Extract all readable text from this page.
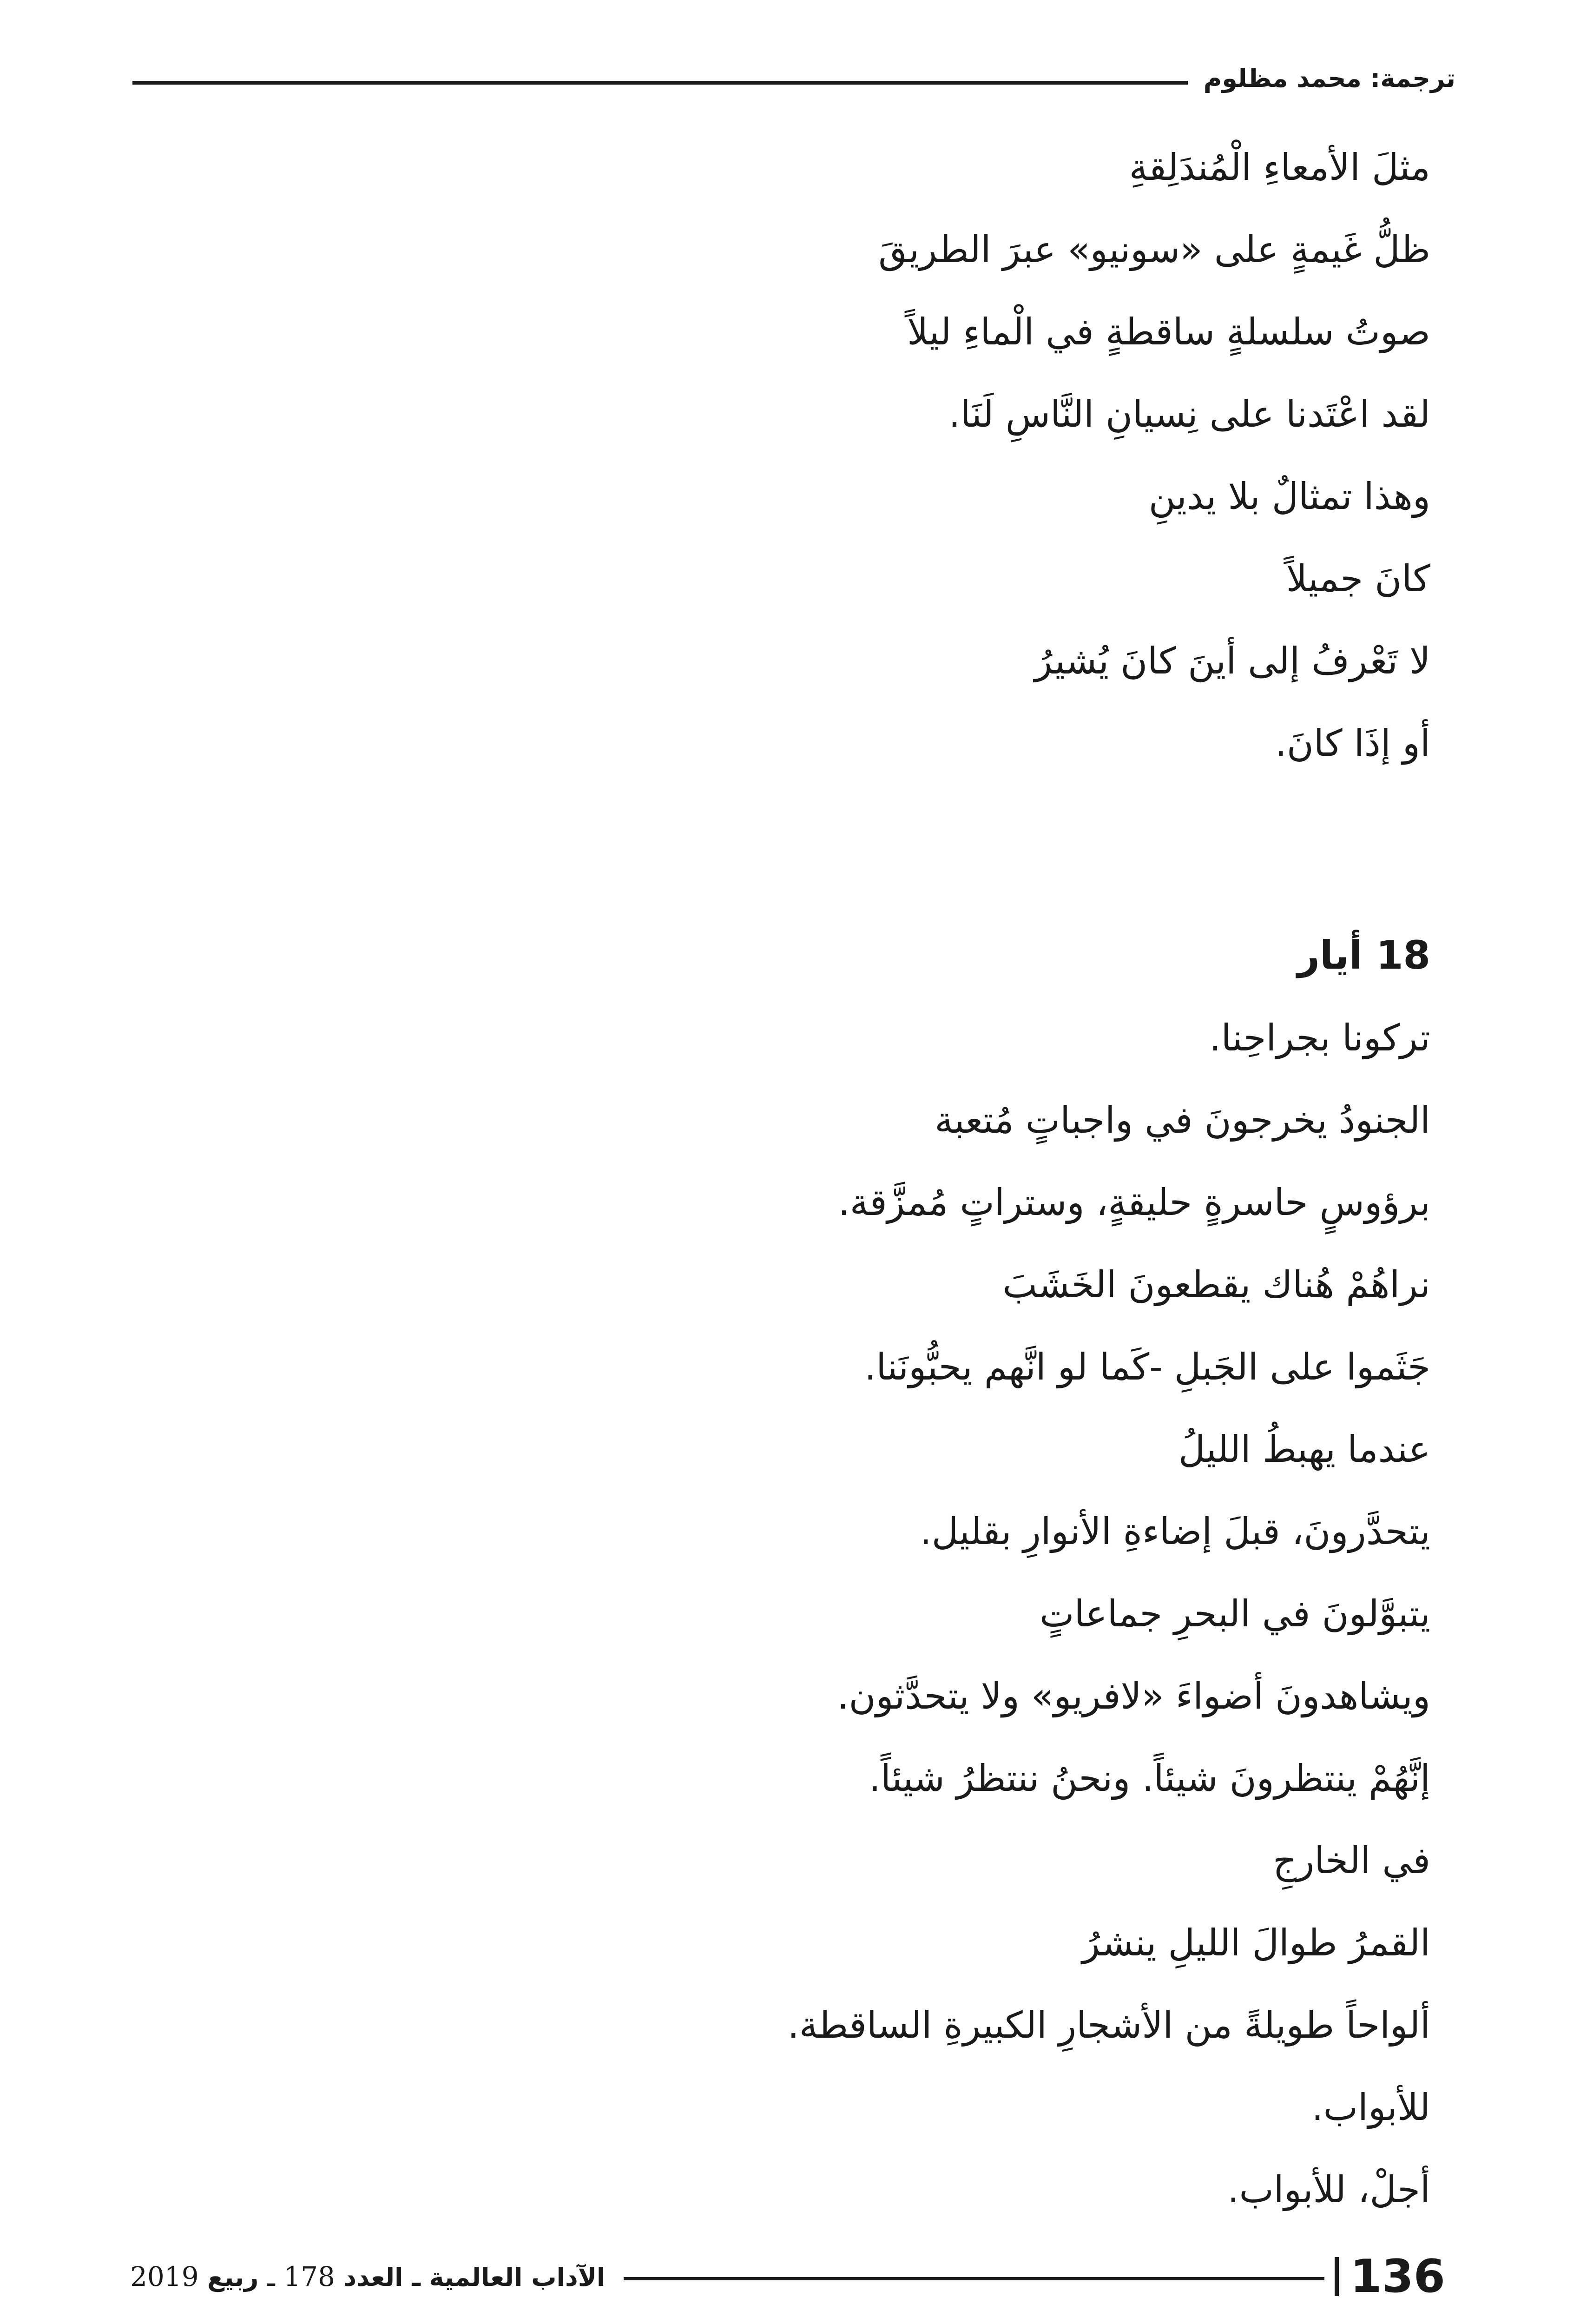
ترجمة: محمد مظلوم
مثلَ الأمعاءِ الْمُندَلِقةِ
ظلُّ غَيمةٍ على «سونيو» عبرَ الطريقَ
صوتُ سلسلةٍ ساقطةٍ في الْماءِ ليلاً
لقد اعْتَدنا على نِسيانِ النَّاسِ لَنَا.
وهذا تمثالٌ بلا يدينِ
كانَ جميلاً
لا تَعْرفُ إلى أينَ كانَ يُشيرُ
أو إذَا كانَ.
18 أيار
تركونا بجراحِنا.
الجنودُ يخرجونَ في واجباتٍ مُتعبة
برؤوسٍ حاسرةٍ حليقةٍ، وستراتٍ مُمزَّقة.
نراهُمْ هُناك يقطعونَ الخَشَبَ
جَثَموا على الجَبلِ -كَما لو انَّهم يحبُّونَنا.
عندما يهبطُ الليلُ
يتحدَّرونَ، قبلَ إضاءةِ الأنوارِ بقليل.
يتبوَّلونَ في البحرِ جماعاتٍ
ويشاهدونَ أضواءَ «لافريو» ولا يتحدَّثون.
إنَّهُمْ ينتظرونَ شيئاً. ونحنُ ننتظرُ شيئاً.
في الخارجِ
القمرُ طوالَ الليلِ ينشرُ
ألواحاً طويلةً من الأشجارِ الكبيرةِ الساقطة.
للأبواب.
أجلْ، للأبواب.
136
الآداب العالمية ـ العدد 178 ـ ربيع 2019
